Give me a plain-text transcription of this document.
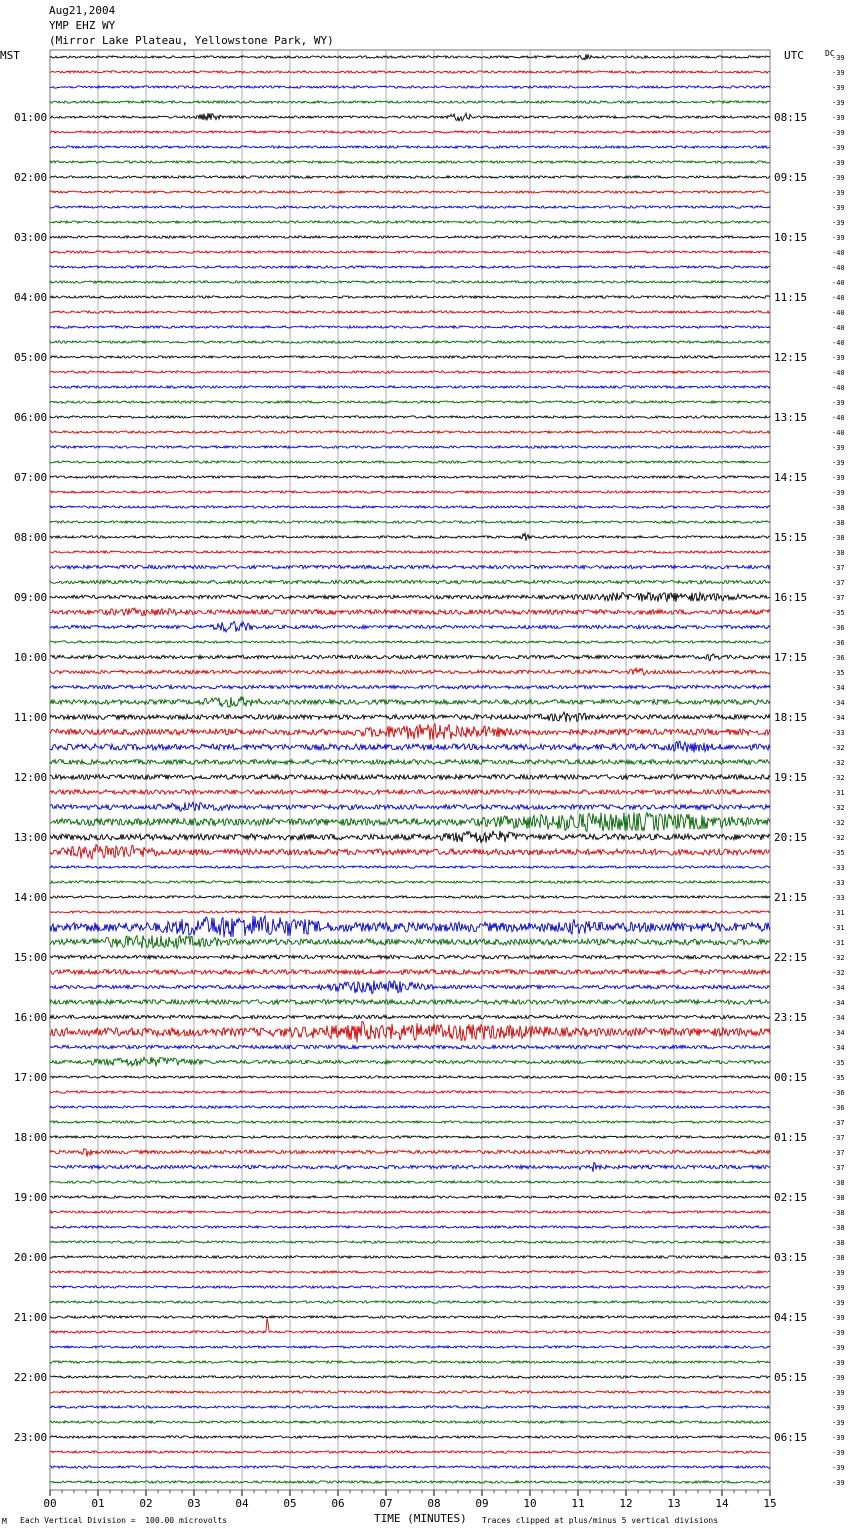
Aug21,2004
YMP EHZ WY
(Mirror Lake Plateau, Yellowstone Park, WY)
MST	UTC	DC
01:00
02:00
03:00
04:00
05:00
06:00
07:00
08:00
09:00
10:00
11:00
12:00
13:00
14:00
15:00
16:00
17:00
18:00
19:00
20:00
21:00
22:00
23:00
08:15
09:15
10:15
11:15
12:15
13:15
14:15
15:15
16:15
17:15
18:15
19:15
20:15
21:15
22:15
23:15
00:15
01:15
02:15
03:15
04:15
05:15
06:15
-39
-39
-39
-39
-39
-39
-39
-39
-39
-39
-39
-39
-39
-40
-40
-40
-40
-40
-40
-40
-39
-40
-40
-39
-40
-40
-39
-39
-39
-39
-38
-38
-38
-38
-37
-37
-37
-35
-36
-36
-36
-35
-34
-34
-34
-33
-32
-32
-32
-31
-32
-32
-32
-35
-33
-33
-33
-31
-31
-31
-32
-32
-34
-34
-34
-34
-34
-35
-35
-36
-36
-37
-37
-37
-37
-38
-38
-38
-38
-38
-38
-39
-39
-39
-39
-39
-39
-39
-39
-39
-39
-39
-39
-39
-39
-39
00	01	02	03	04	05	06	07	08	09	10	11	12	13	14	15
M Each Vertical Division =  100.00 microvolts	TIME (MINUTES) Traces clipped at plus/minus 5 vertical divisions
